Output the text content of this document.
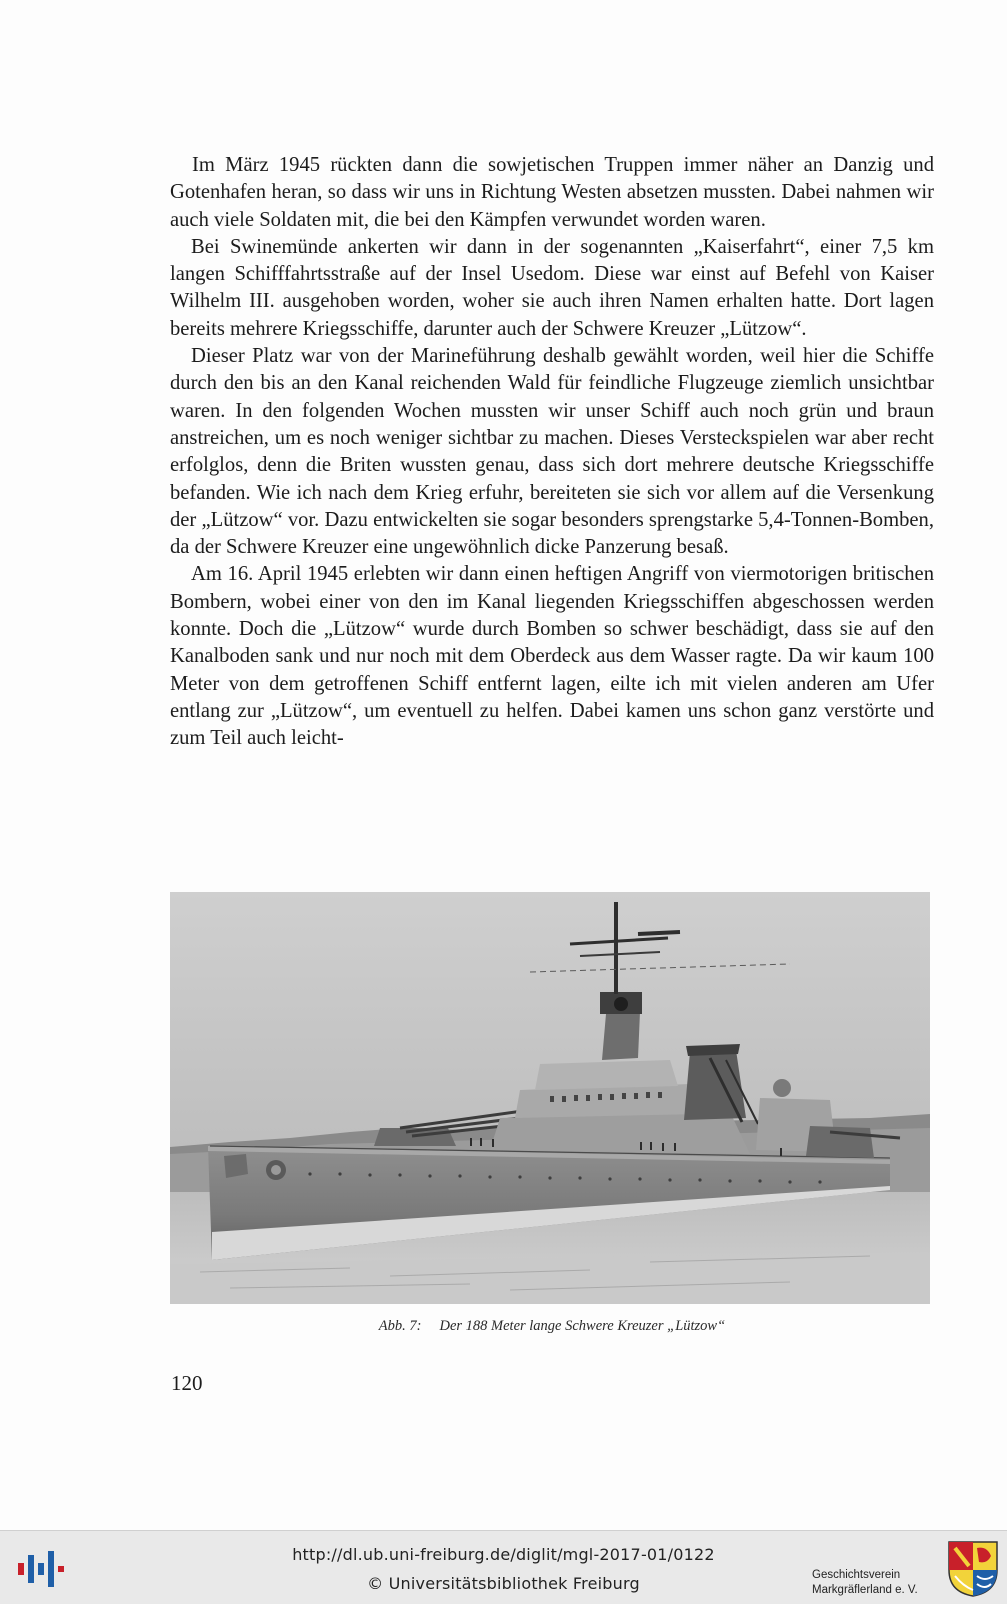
Im März 1945 rückten dann die sowjetischen Truppen immer näher an Danzig und Gotenhafen heran, so dass wir uns in Richtung Westen absetzen mussten. Dabei nahmen wir auch viele Soldaten mit, die bei den Kämpfen verwundet worden waren.

Bei Swinemünde ankerten wir dann in der sogenannten „Kaiserfahrt“, einer 7,5 km langen Schifffahrtsstraße auf der Insel Usedom. Diese war einst auf Befehl von Kaiser Wilhelm III. ausgehoben worden, woher sie auch ihren Namen erhalten hatte. Dort lagen bereits mehrere Kriegsschiffe, darunter auch der Schwere Kreuzer „Lützow“.

Dieser Platz war von der Marineführung deshalb gewählt worden, weil hier die Schiffe durch den bis an den Kanal reichenden Wald für feindliche Flugzeuge ziemlich unsichtbar waren. In den folgenden Wochen mussten wir unser Schiff auch noch grün und braun anstreichen, um es noch weniger sichtbar zu machen. Dieses Versteckspielen war aber recht erfolglos, denn die Briten wussten genau, dass sich dort mehrere deutsche Kriegsschiffe befanden. Wie ich nach dem Krieg erfuhr, bereiteten sie sich vor allem auf die Versenkung der „Lützow“ vor. Dazu entwickelten sie sogar besonders sprengstarke 5,4-Tonnen-Bomben, da der Schwere Kreuzer eine ungewöhnlich dicke Panzerung besaß.

Am 16. April 1945 erlebten wir dann einen heftigen Angriff von viermotorigen britischen Bombern, wobei einer von den im Kanal liegenden Kriegsschiffen abgeschossen werden konnte. Doch die „Lützow“ wurde durch Bomben so schwer beschädigt, dass sie auf den Kanalboden sank und nur noch mit dem Oberdeck aus dem Wasser ragte. Da wir kaum 100 Meter von dem getroffenen Schiff entfernt lagen, eilte ich mit vielen anderen am Ufer entlang zur „Lützow“, um eventuell zu helfen. Dabei kamen uns schon ganz verstörte und zum Teil auch leicht-

Abb. 7: Der 188 Meter lange Schwere Kreuzer „Lützow“
120
http://dl.ub.uni-freiburg.de/diglit/mgl-2017-01/0122
© Universitätsbibliothek Freiburg	Geschichtsverein
Markgräflerland e. V.
